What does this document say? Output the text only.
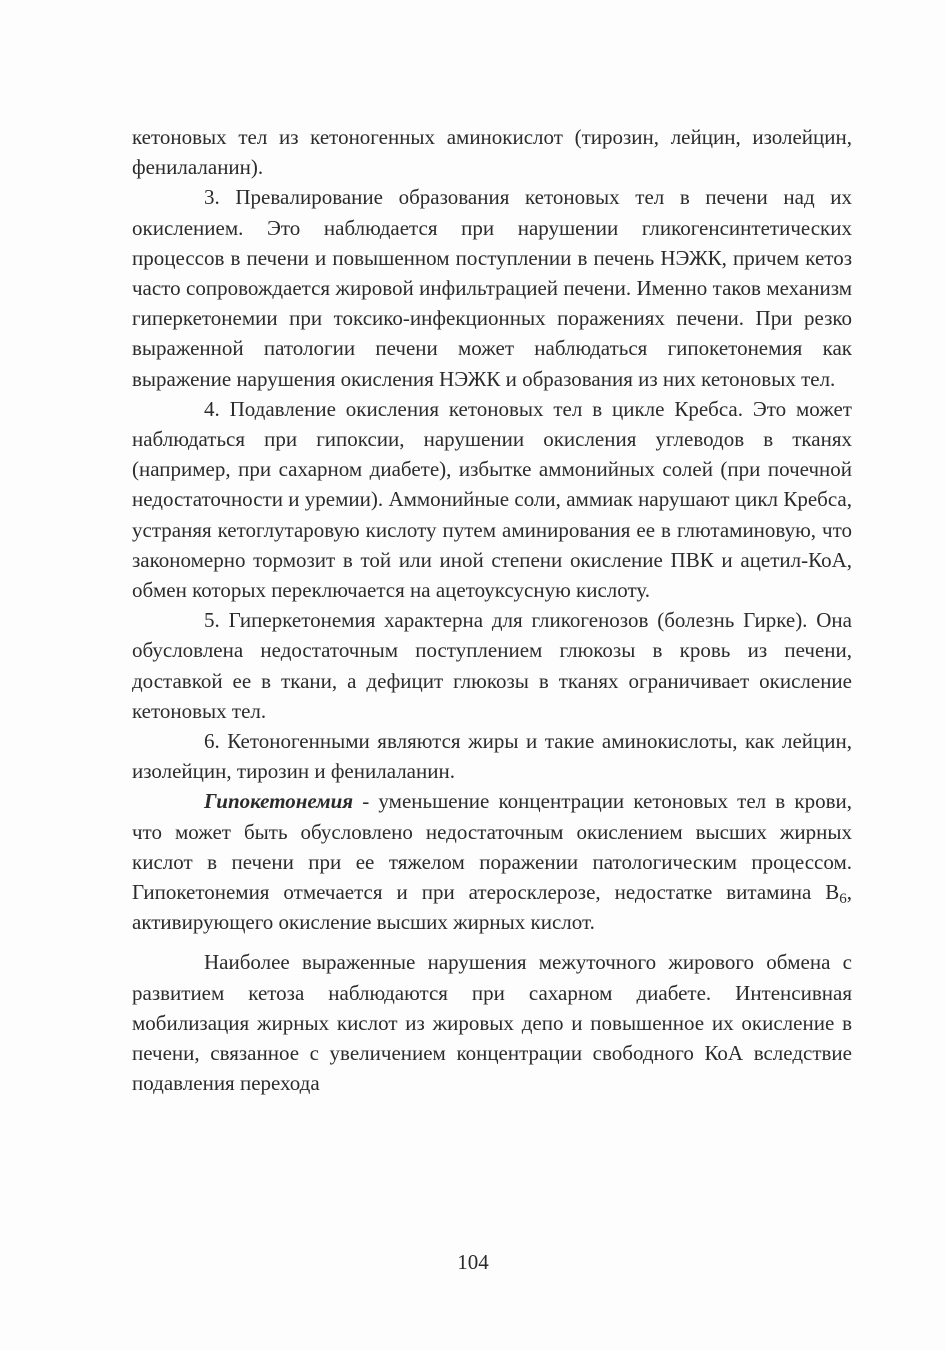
кетоновых тел из кетоногенных аминокислот (тирозин, лейцин, изолейцин, фенилаланин).

3. Превалирование образования кетоновых тел в печени над их окислением. Это наблюдается при нарушении гликогенсинтетических процессов в печени и повышенном поступлении в печень НЭЖК, причем кетоз часто сопровождается жировой инфильтрацией печени. Именно таков механизм гиперкетонемии при токсико-инфекционных поражениях печени. При резко выраженной патологии печени может наблюдаться гипокетонемия как выражение нарушения окисления НЭЖК и образования из них кетоновых тел.

4. Подавление окисления кетоновых тел в цикле Кребса. Это может наблюдаться при гипоксии, нарушении окисления углеводов в тканях (например, при сахарном диабете), избытке аммонийных солей (при почечной недостаточности и уремии). Аммонийные соли, аммиак нарушают цикл Кребса, устраняя кетоглутаровую кислоту путем аминирования ее в глютаминовую, что закономерно тормозит в той или иной степени окисление ПВК и ацетил-КоА, обмен которых переключается на ацетоуксусную кислоту.

5. Гиперкетонемия характерна для гликогенозов (болезнь Гирке). Она обусловлена недостаточным поступлением глюкозы в кровь из печени, доставкой ее в ткани, а дефицит глюкозы в тканях ограничивает окисление кетоновых тел.

6. Кетоногенными являются жиры и такие аминокислоты, как лейцин, изолейцин, тирозин и фенилаланин.

Гипокетонемия - уменьшение концентрации кетоновых тел в крови, что может быть обусловлено недостаточным окислением высших жирных кислот в печени при ее тяжелом поражении патологическим процессом. Гипокетонемия отмечается и при атеросклерозе, недостатке витамина $В_6$, активирующего окисление высших жирных кислот.

Наиболее выраженные нарушения межуточного жирового обмена с развитием кетоза наблюдаются при сахарном диабете. Интенсивная мобилизация жирных кислот из жировых депо и повышенное их окисление в печени, связанное с увеличением концентрации свободного КоА вследствие подавления перехода

104
